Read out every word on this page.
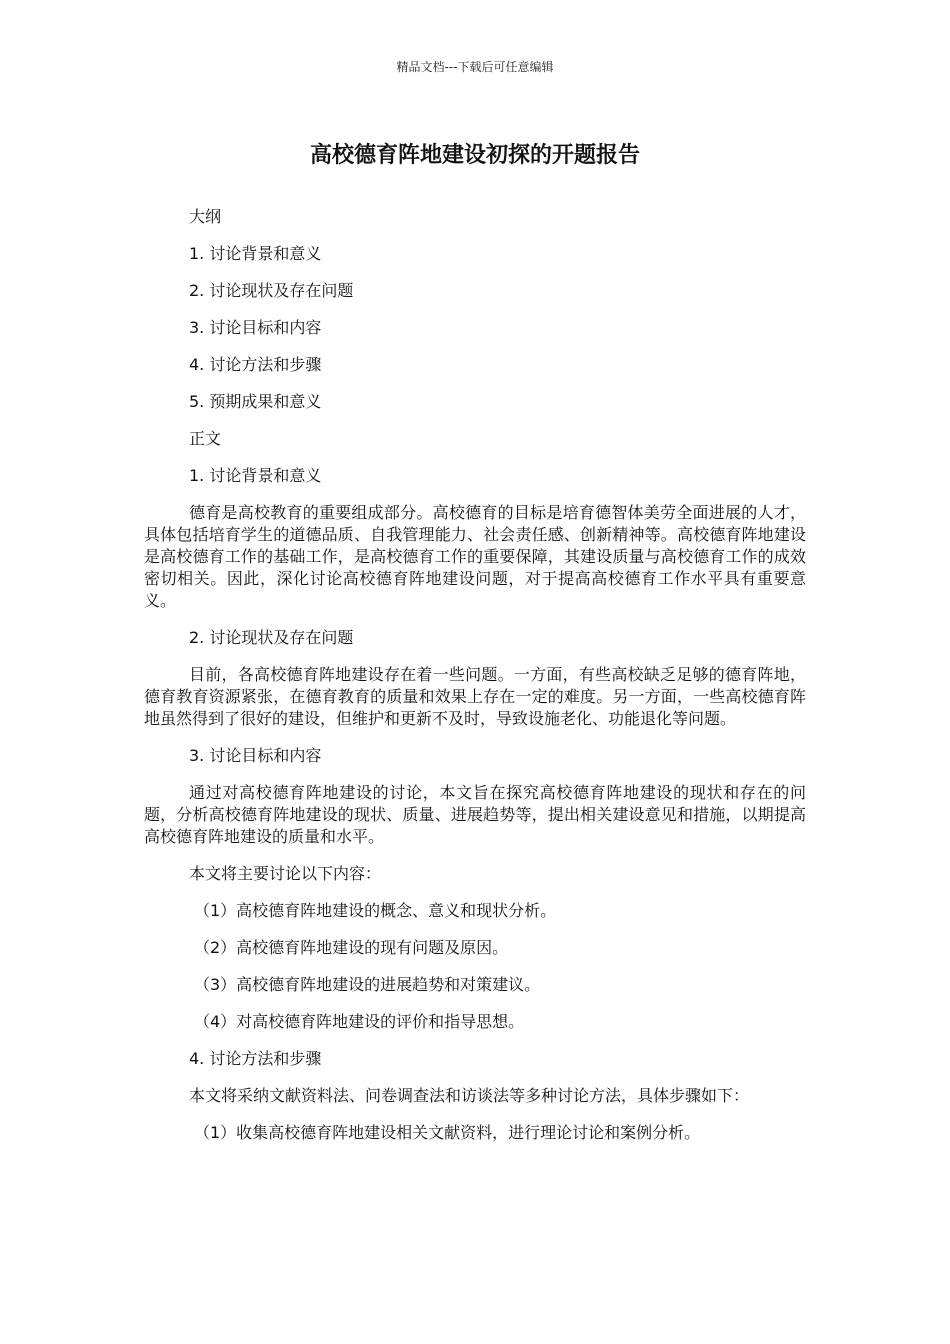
精品文档---下载后可任意编辑
高校德育阵地建设初探的开题报告
大纲
1. 讨论背景和意义
2. 讨论现状及存在问题
3. 讨论目标和内容
4. 讨论方法和步骤
5. 预期成果和意义
正文
1. 讨论背景和意义
德育是高校教育的重要组成部分。高校德育的目标是培育德智体美劳全面进展的人才，具体包括培育学生的道德品质、自我管理能力、社会责任感、创新精神等。高校德育阵地建设是高校德育工作的基础工作，是高校德育工作的重要保障，其建设质量与高校德育工作的成效密切相关。因此，深化讨论高校德育阵地建设问题，对于提高高校德育工作水平具有重要意义。
2. 讨论现状及存在问题
目前，各高校德育阵地建设存在着一些问题。一方面，有些高校缺乏足够的德育阵地，德育教育资源紧张，在德育教育的质量和效果上存在一定的难度。另一方面，一些高校德育阵地虽然得到了很好的建设，但维护和更新不及时，导致设施老化、功能退化等问题。
3. 讨论目标和内容
通过对高校德育阵地建设的讨论，本文旨在探究高校德育阵地建设的现状和存在的问题，分析高校德育阵地建设的现状、质量、进展趋势等，提出相关建设意见和措施，以期提高高校德育阵地建设的质量和水平。
本文将主要讨论以下内容：
（1）高校德育阵地建设的概念、意义和现状分析。
（2）高校德育阵地建设的现有问题及原因。
（3）高校德育阵地建设的进展趋势和对策建议。
（4）对高校德育阵地建设的评价和指导思想。
4. 讨论方法和步骤
本文将采纳文献资料法、问卷调查法和访谈法等多种讨论方法，具体步骤如下：
（1）收集高校德育阵地建设相关文献资料，进行理论讨论和案例分析。
